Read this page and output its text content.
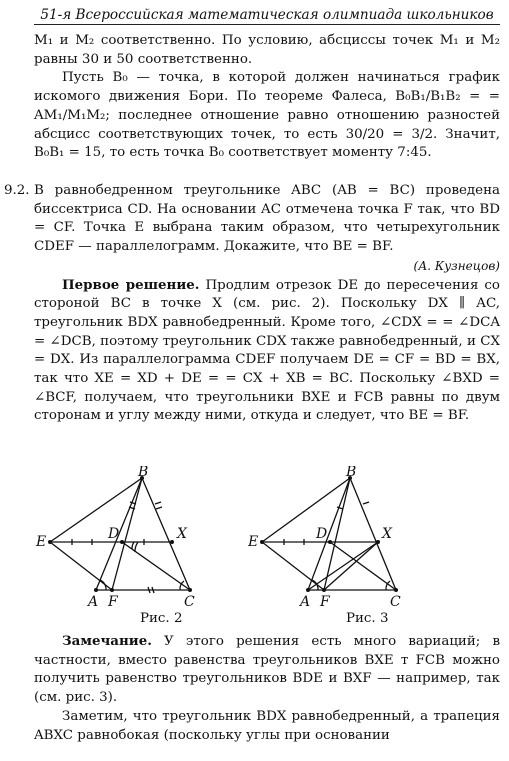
51-я Всероссийская математическая олимпиада школьников

M₁ и M₂ соответственно. По условию, абсциссы точек M₁ и M₂ равны 30 и 50 соответственно.

Пусть B₀ — точка, в которой должен начинаться график искомого движения Бори. По теореме Фалеса, B₀B₁/B₁B₂ = = AM₁/M₁M₂; последнее отношение равно отношению разностей абсцисс соответствующих точек, то есть 30/20 = 3/2. Значит, B₀B₁ = 15, то есть точка B₀ соответствует моменту 7:45.

9.2. В равнобедренном треугольнике ABC (AB = BC) проведена биссектриса CD. На основании AC отмечена точка F так, что BD = CF. Точка E выбрана таким образом, что четырехугольник CDEF — параллелограмм. Докажите, что BE = BF.

(А. Кузнецов)

Первое решение. Продлим отрезок DE до пересечения со стороной BC в точке X (см. рис. 2). Поскольку DX ∥ AC, треугольник BDX равнобедренный. Кроме того, ∠CDX = = ∠DCA = ∠DCB, поэтому треугольник CDX также равнобедренный, и CX = DX. Из параллелограмма CDEF получаем DE = CF = BD = BX, так что XE = XD + DE = = CX + XB = BC. Поскольку ∠BXD = ∠BCF, получаем, что треугольники BXE и FCB равны по двум сторонам и углу между ними, откуда и следует, что BE = BF.

B
E	D	X
A F	C

Рис. 2
B
E	D	X
A F	C
Рис. 3

Замечание. У этого решения есть много вариаций; в частности, вместо равенства треугольников BXE т FCB можно получить равенство треугольников BDE и BXF — например, так (см. рис. 3).

Заметим, что треугольник BDX равнобедренный, а трапеция ABXC равнобокая (поскольку углы при основании
